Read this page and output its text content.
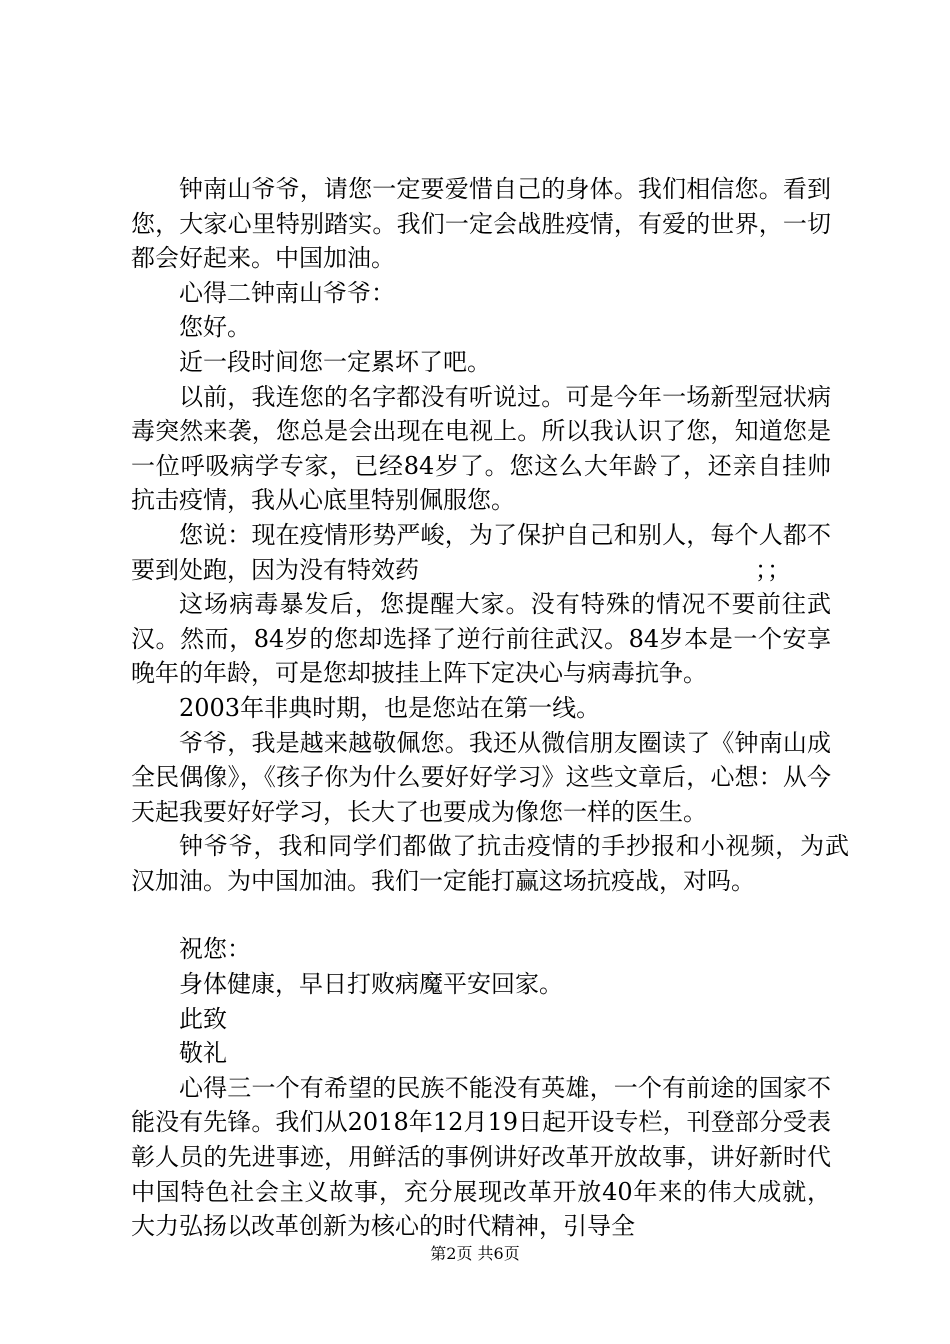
钟南山爷爷，请您一定要爱惜自己的身体。我们相信您。看到您，大家心里特别踏实。我们一定会战胜疫情，有爱的世界，一切都会好起来。中国加油。

心得二钟南山爷爷：

您好。

近一段时间您一定累坏了吧。

以前，我连您的名字都没有听说过。可是今年一场新型冠状病毒突然来袭，您总是会出现在电视上。所以我认识了您，知道您是一位呼吸病学专家，已经84岁了。您这么大年龄了，还亲自挂帅抗击疫情，我从心底里特别佩服您。

您说：现在疫情形势严峻，为了保护自己和别人，每个人都不要到处跑，因为没有特效药　　　　　　　　　　　　　　；；

这场病毒暴发后，您提醒大家。没有特殊的情况不要前往武汉。然而，84岁的您却选择了逆行前往武汉。84岁本是一个安享晚年的年龄，可是您却披挂上阵下定决心与病毒抗争。

2003年非典时期，也是您站在第一线。

爷爷，我是越来越敬佩您。我还从微信朋友圈读了《钟南山成全民偶像》，《孩子你为什么要好好学习》这些文章后，心想：从今天起我要好好学习，长大了也要成为像您一样的医生。

钟爷爷，我和同学们都做了抗击疫情的手抄报和小视频，为武汉加油。为中国加油。我们一定能打赢这场抗疫战，对吗。

祝您：

身体健康，早日打败病魔平安回家。

此致

敬礼

心得三一个有希望的民族不能没有英雄，一个有前途的国家不能没有先锋。我们从2018年12月19日起开设专栏，刊登部分受表彰人员的先进事迹，用鲜活的事例讲好改革开放故事，讲好新时代中国特色社会主义故事，充分展现改革开放40年来的伟大成就，大力弘扬以改革创新为核心的时代精神，引导全

第2页 共6页
